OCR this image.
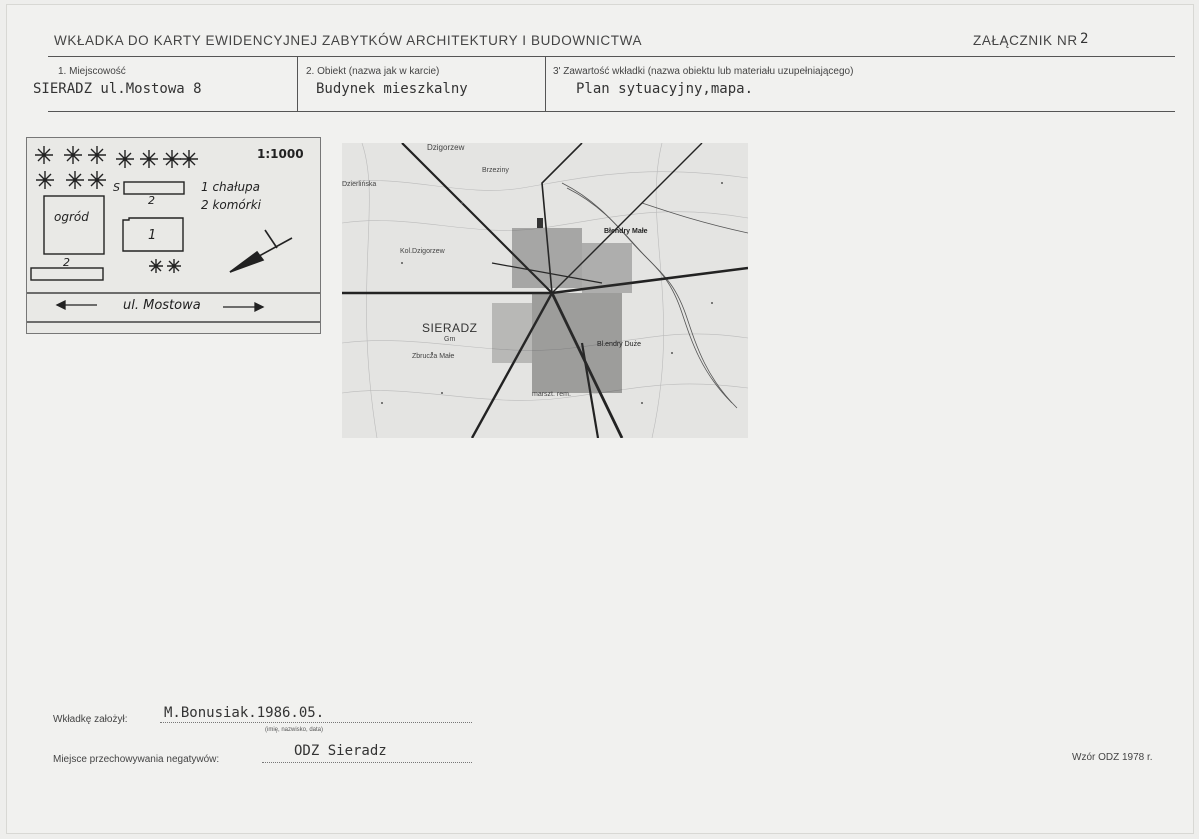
WKŁADKA DO KARTY EWIDENCYJNEJ ZABYTKÓW ARCHITEKTURY I BUDOWNICTWA	ZAŁĄCZNIK NR 2
1. Miejscowość
SIERADZ ul.Mostowa 8
2. Obiekt (nazwa jak w karcie)
Budynek mieszkalny
3' Zawartość wkładki (nazwa obiektu lub materiału uzupełniającego)
Plan sytuacyjny,mapa.
1:1000
S	1 chałupa
2 komórki
ogród
2
1
2
ul. Mostowa
Dzigorzew
Brzeziny
Dzierlińska
Kol.Dzigorzew
Błendry Małe
SIERADZ
Gm
Bl.endry Duże
Zbrucza Małe
marszt. rem.
Wkładkę założył:	M.Bonusiak.1986.05.
(imię, nazwisko, data)
Miejsce przechowywania negatywów:
ODZ Sieradz	Wzór ODZ 1978 r.
